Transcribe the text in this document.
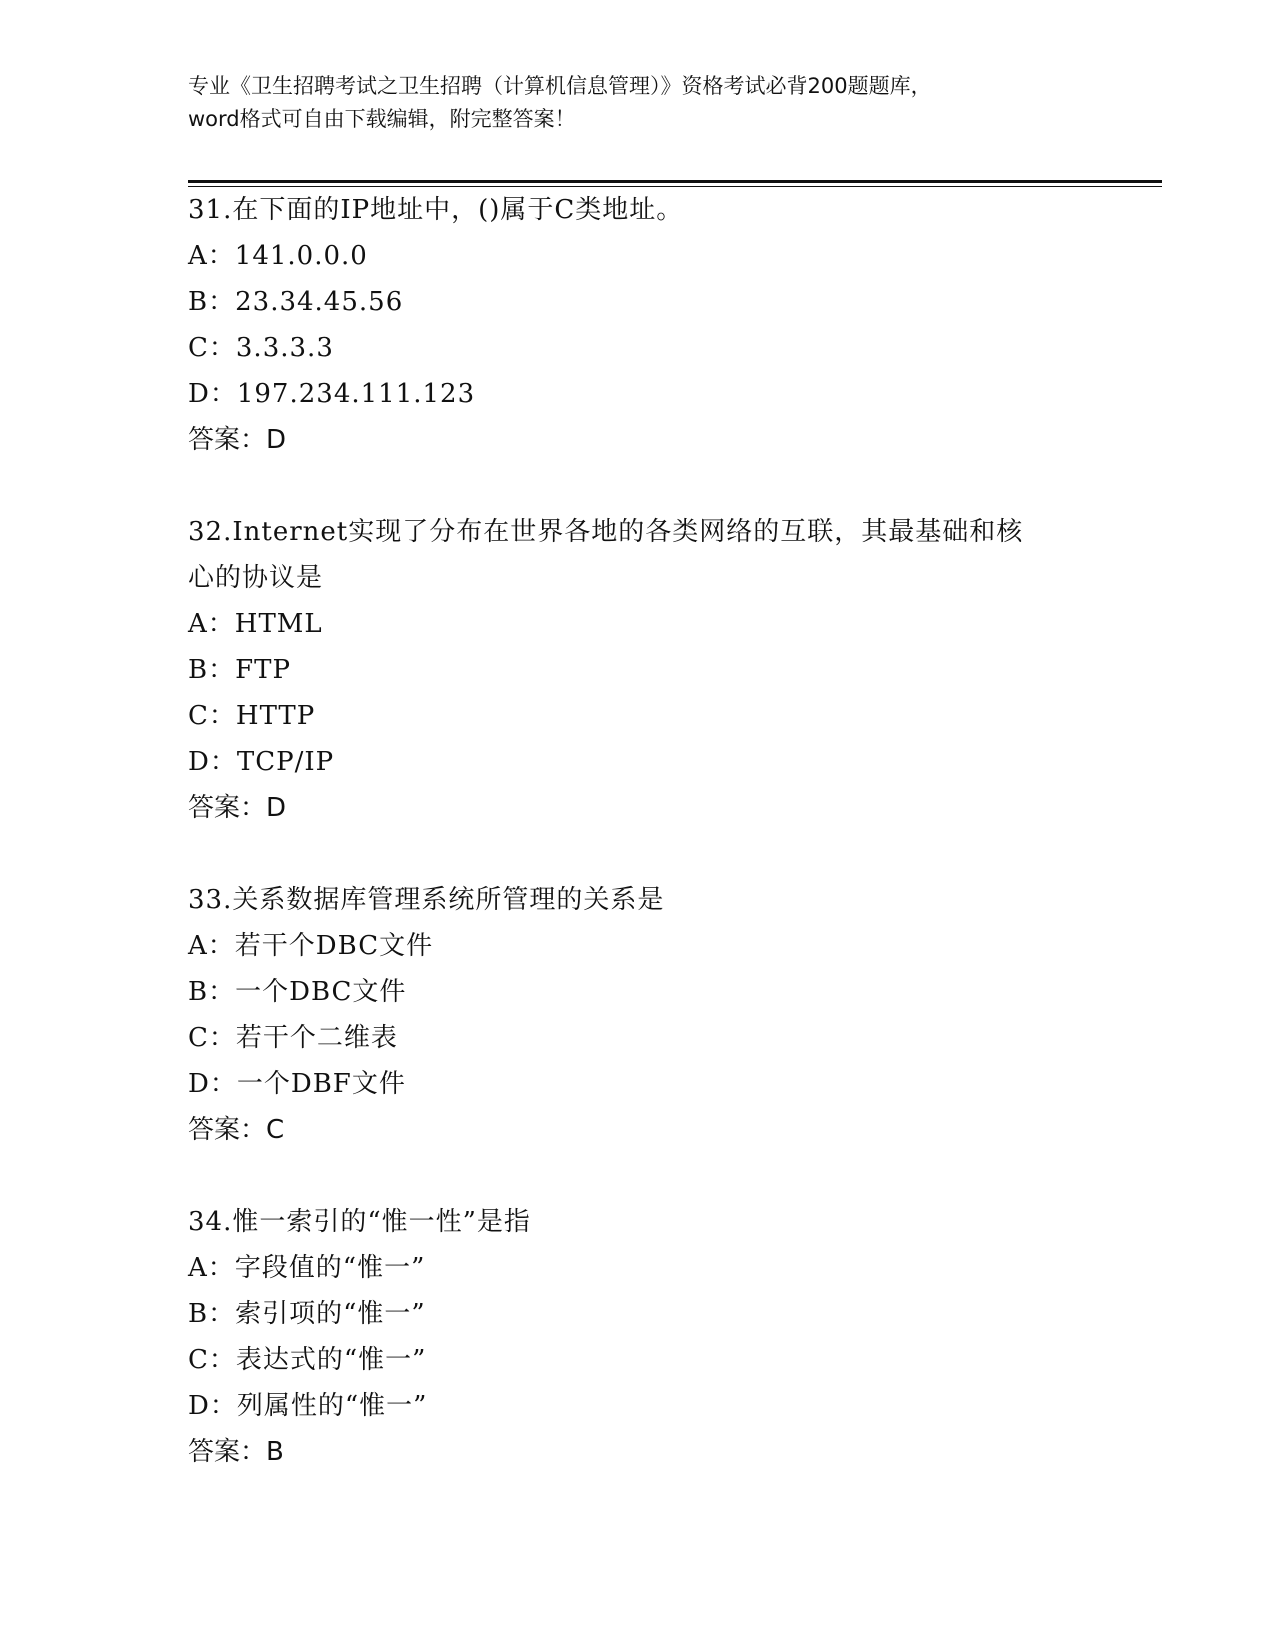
专业《卫生招聘考试之卫生招聘（计算机信息管理）》资格考试必背200题题库，
word格式可自由下载编辑，附完整答案！
31.在下面的IP地址中，()属于C类地址。
A：141.0.0.0
B：23.34.45.56
C：3.3.3.3
D：197.234.111.123
答案：D
32.Internet实现了分布在世界各地的各类网络的互联，其最基础和核
心的协议是
A：HTML
B：FTP
C：HTTP
D：TCP/IP
答案：D
33.关系数据库管理系统所管理的关系是
A：若干个DBC文件
B：一个DBC文件
C：若干个二维表
D：一个DBF文件
答案：C
34.惟一索引的“惟一性”是指
A：字段值的“惟一”
B：索引项的“惟一”
C：表达式的“惟一”
D：列属性的“惟一”
答案：B
